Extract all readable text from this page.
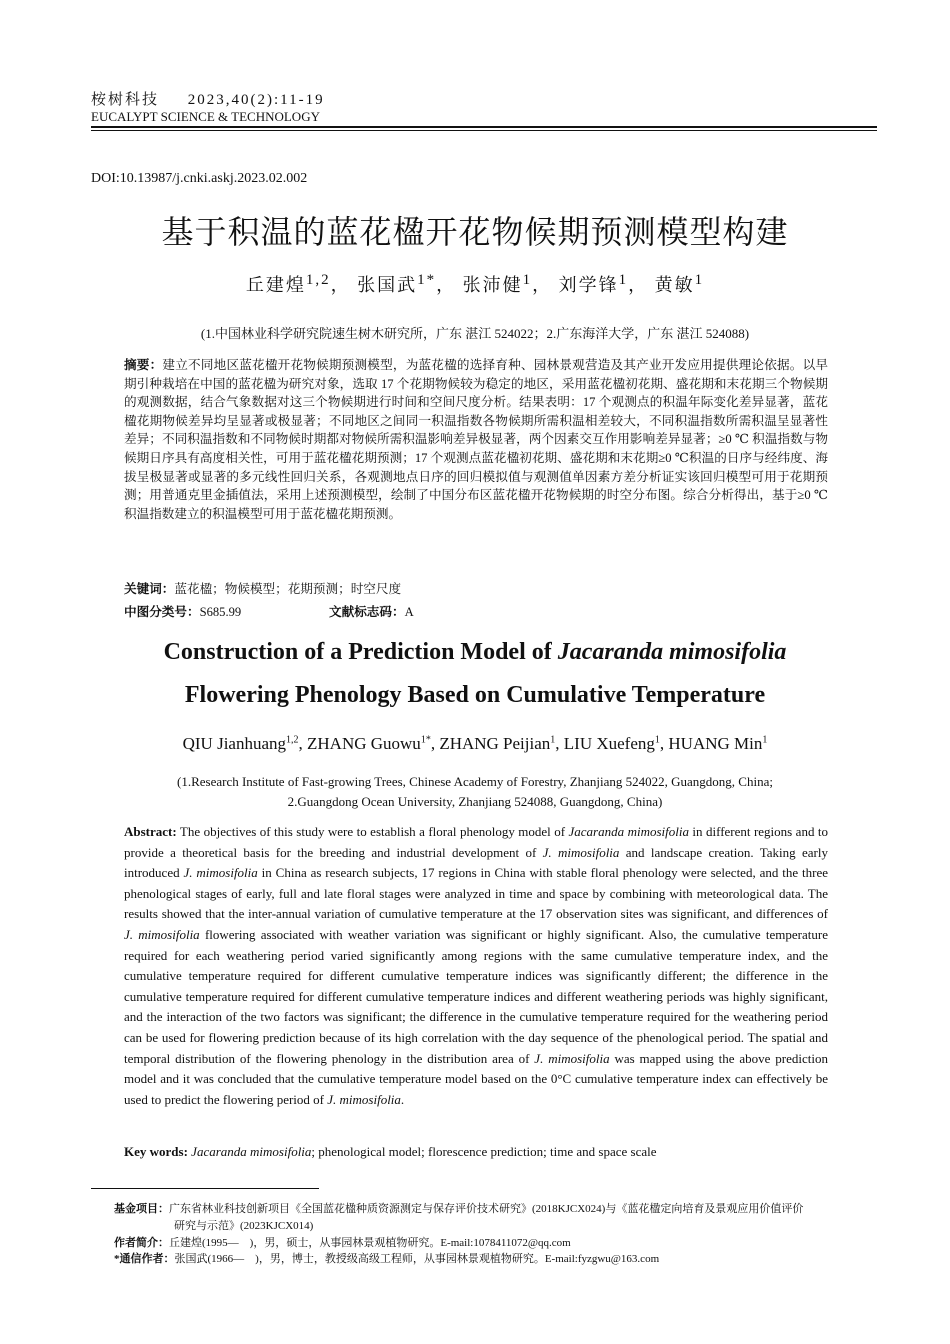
桉树科技 2023,40(2):11-19
EUCALYPT SCIENCE & TECHNOLOGY
DOI:10.13987/j.cnki.askj.2023.02.002
基于积温的蓝花楹开花物候期预测模型构建
丘建煌$^{1,2}$， 张国武$^{1*}$， 张沛健$^1$， 刘学锋$^1$， 黄敏$^1$
(1.中国林业科学研究院速生树木研究所，广东 湛江 524022；2.广东海洋大学，广东 湛江 524088)
摘要：建立不同地区蓝花楹开花物候期预测模型，为蓝花楹的选择育种、园林景观营造及其产业开发应用提供理论依据。以早期引种栽培在中国的蓝花楹为研究对象，选取 17 个花期物候较为稳定的地区，采用蓝花楹初花期、盛花期和末花期三个物候期的观测数据，结合气象数据对这三个物候期进行时间和空间尺度分析。结果表明：17 个观测点的积温年际变化差异显著，蓝花楹花期物候差异均呈显著或极显著；不同地区之间同一积温指数各物候期所需积温相差较大，不同积温指数所需积温呈显著性差异；不同积温指数和不同物候时期都对物候所需积温影响差异极显著，两个因素交互作用影响差异显著；≥0 ℃ 积温指数与物候期日序具有高度相关性，可用于蓝花楹花期预测；17 个观测点蓝花楹初花期、盛花期和末花期≥0 ℃积温的日序与经纬度、海拔呈极显著或显著的多元线性回归关系，各观测地点日序的回归模拟值与观测值单因素方差分析证实该回归模型可用于花期预测；用普通克里金插值法，采用上述预测模型，绘制了中国分布区蓝花楹开花物候期的时空分布图。综合分析得出，基于≥0 ℃积温指数建立的积温模型可用于蓝花楹花期预测。
关键词：蓝花楹；物候模型；花期预测；时空尺度
中图分类号：S685.99	文献标志码：A
Construction of a Prediction Model of Jacaranda mimosifolia
Flowering Phenology Based on Cumulative Temperature
QIU Jianhuang$^{1,2}$, ZHANG Guowu$^{1*}$, ZHANG Peijian$^1$, LIU Xuefeng$^1$, HUANG Min$^1$
(1.Research Institute of Fast-growing Trees, Chinese Academy of Forestry, Zhanjiang 524022, Guangdong, China;
2.Guangdong Ocean University, Zhanjiang 524088, Guangdong, China)
Abstract: The objectives of this study were to establish a floral phenology model of Jacaranda mimosifolia in different regions and to provide a theoretical basis for the breeding and industrial development of J. mimosifolia and landscape creation. Taking early introduced J. mimosifolia in China as research subjects, 17 regions in China with stable floral phenology were selected, and the three phenological stages of early, full and late floral stages were analyzed in time and space by combining with meteorological data. The results showed that the inter-annual variation of cumulative temperature at the 17 observation sites was significant, and differences of J. mimosifolia flowering associated with weather variation was significant or highly significant. Also, the cumulative temperature required for each weathering period varied significantly among regions with the same cumulative temperature index, and the cumulative temperature required for different cumulative temperature indices was significantly different; the difference in the cumulative temperature required for different cumulative temperature indices and different weathering periods was highly significant, and the interaction of the two factors was significant; the difference in the cumulative temperature required for the weathering period can be used for flowering prediction because of its high correlation with the day sequence of the phenological period. The spatial and temporal distribution of the flowering phenology in the distribution area of J. mimosifolia was mapped using the above prediction model and it was concluded that the cumulative temperature model based on the 0°C cumulative temperature index can effectively be used to predict the flowering period of J. mimosifolia.
Key words: Jacaranda mimosifolia; phenological model; florescence prediction; time and space scale
基金项目：广东省林业科技创新项目《全国蓝花楹种质资源测定与保存评价技术研究》(2018KJCX024)与《蓝花楹定向培育及景观应用价值评价
研究与示范》(2023KJCX014)
作者简介：丘建煌(1995—　)，男，硕士，从事园林景观植物研究。E-mail:1078411072@qq.com
*通信作者：张国武(1966—　)，男，博士，教授级高级工程师，从事园林景观植物研究。E-mail:fyzgwu@163.com
